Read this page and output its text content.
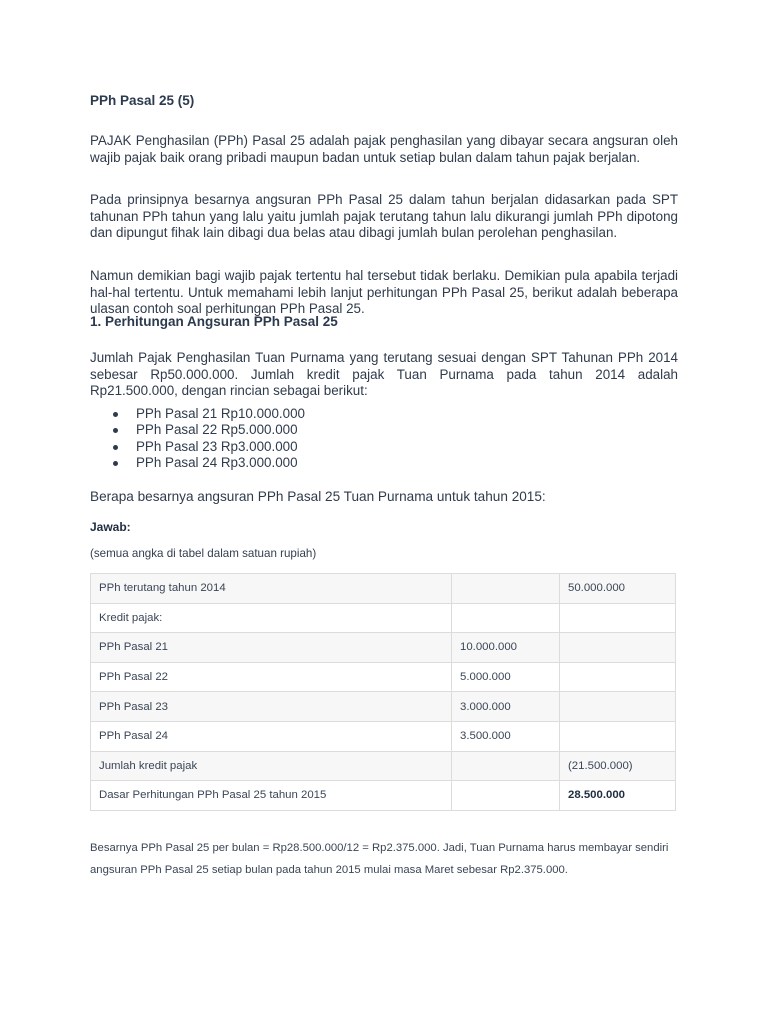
PPh Pasal 25 (5)

PAJAK Penghasilan (PPh) Pasal 25 adalah pajak penghasilan yang dibayar secara angsuran oleh wajib pajak baik orang pribadi maupun badan untuk setiap bulan dalam tahun pajak berjalan.

Pada prinsipnya besarnya angsuran PPh Pasal 25 dalam tahun berjalan didasarkan pada SPT tahunan PPh tahun yang lalu yaitu jumlah pajak terutang tahun lalu dikurangi jumlah PPh dipotong dan dipungut fihak lain dibagi dua belas atau dibagi jumlah bulan perolehan penghasilan.

Namun demikian bagi wajib pajak tertentu hal tersebut tidak berlaku. Demikian pula apabila terjadi hal-hal tertentu. Untuk memahami lebih lanjut perhitungan PPh Pasal 25, berikut adalah beberapa ulasan contoh soal perhitungan PPh Pasal 25.

1. Perhitungan Angsuran PPh Pasal 25

Jumlah Pajak Penghasilan Tuan Purnama yang terutang sesuai dengan SPT Tahunan PPh 2014 sebesar Rp50.000.000. Jumlah kredit pajak Tuan Purnama pada tahun 2014 adalah Rp21.500.000, dengan rincian sebagai berikut:

PPh Pasal 21 Rp10.000.000
PPh Pasal 22 Rp5.000.000
PPh Pasal 23 Rp3.000.000
PPh Pasal 24 Rp3.000.000
Berapa besarnya angsuran PPh Pasal 25 Tuan Purnama untuk tahun 2015:
Jawab:
(semua angka di tabel dalam satuan rupiah)
PPh terutang tahun 2014		50.000.000
Kredit pajak:		
PPh Pasal 21	10.000.000	
PPh Pasal 22	5.000.000	
PPh Pasal 23	3.000.000	
PPh Pasal 24	3.500.000	
Jumlah kredit pajak		(21.500.000)
Dasar Perhitungan PPh Pasal 25 tahun 2015		28.500.000

Besarnya PPh Pasal 25 per bulan = Rp28.500.000/12 = Rp2.375.000. Jadi, Tuan Purnama harus membayar sendiri angsuran PPh Pasal 25 setiap bulan pada tahun 2015 mulai masa Maret sebesar Rp2.375.000.
